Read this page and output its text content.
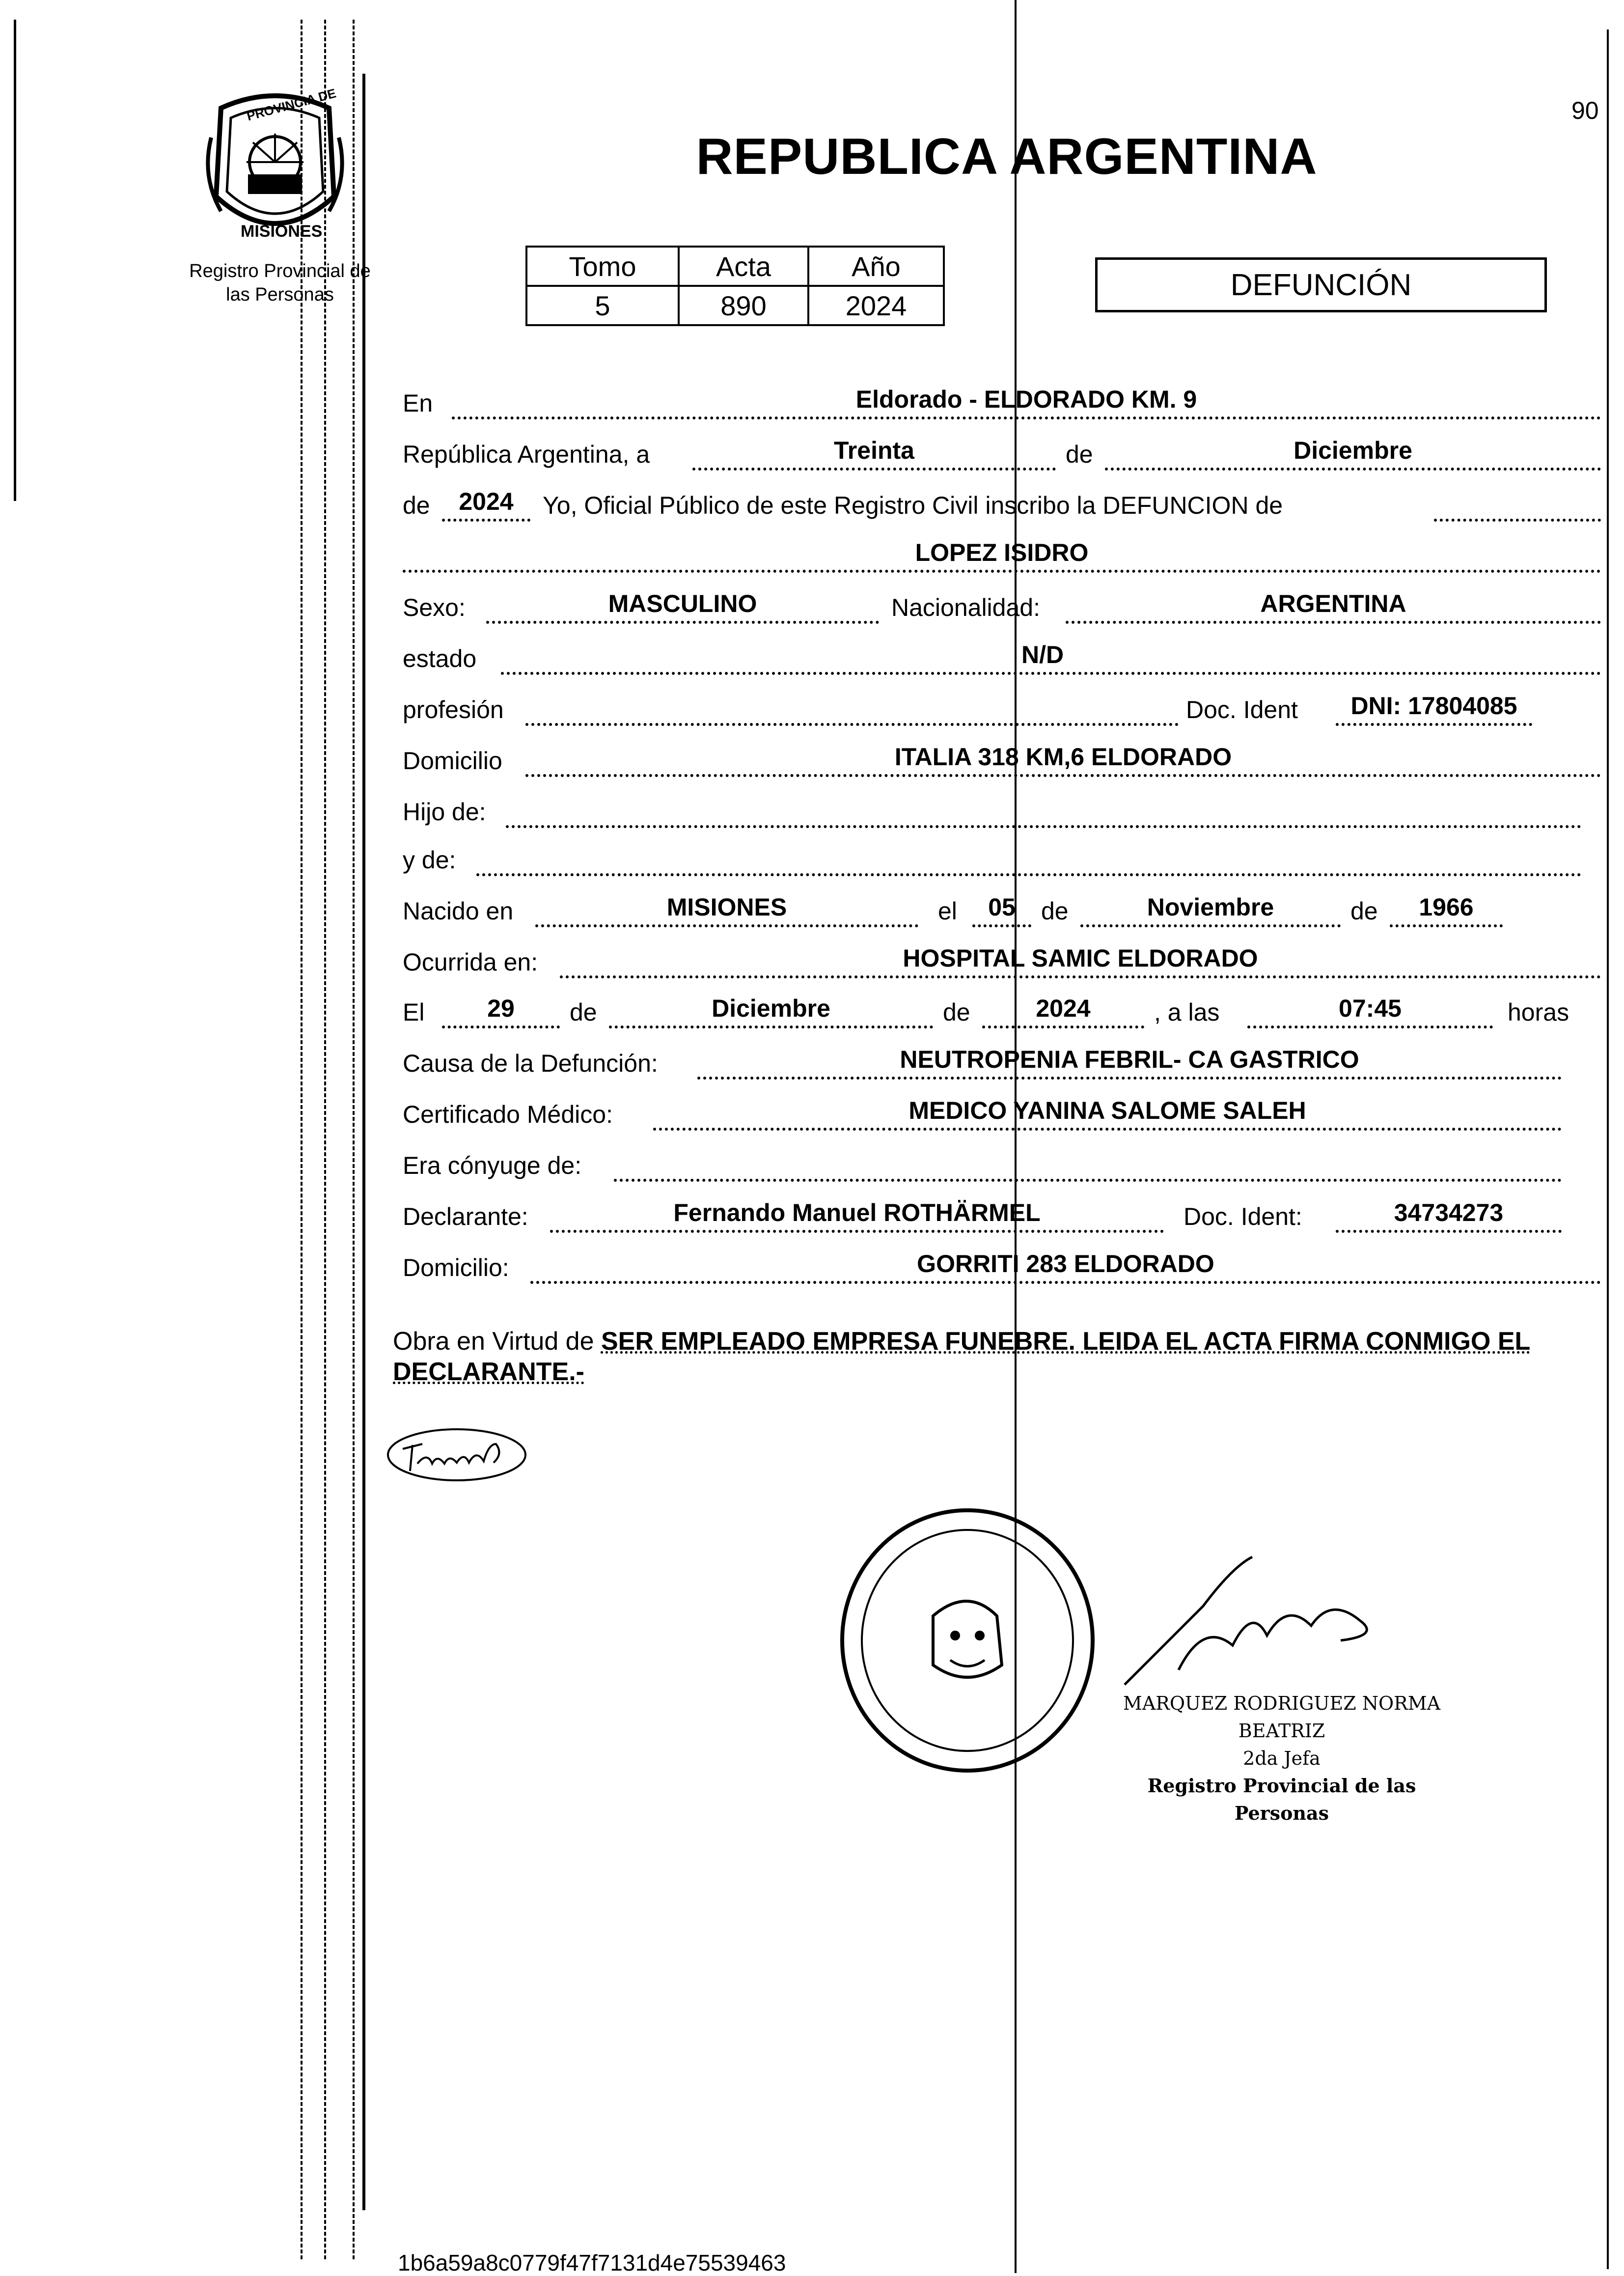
90
PROVINCIA DE
MISIONES
Registro Provincial de las Personas
REPUBLICA ARGENTINA
Tomo	Acta	Año
5	890	2024
DEFUNCIÓN
En	Eldorado - ELDORADO KM. 9
República Argentina, a	Treinta	de	Diciembre
de	2024	Yo, Oficial Público de este Registro Civil inscribo la DEFUNCION de
LOPEZ ISIDRO
Sexo:	MASCULINO	Nacionalidad:	ARGENTINA
estado	N/D
profesión	Doc. Ident	DNI: 17804085
Domicilio	ITALIA 318 KM,6 ELDORADO
Hijo de:
y de:
Nacido en	MISIONES	el	05	de	Noviembre	de	1966
Ocurrida en:	HOSPITAL SAMIC ELDORADO
El	29	de	Diciembre	de	2024	, a las	07:45	horas
Causa de la Defunción:	NEUTROPENIA FEBRIL- CA GASTRICO
Certificado Médico:	MEDICO YANINA SALOME SALEH
Era cónyuge de:
Declarante:	Fernando Manuel ROTHÄRMEL	Doc. Ident:	34734273
Domicilio:	GORRITI 283 ELDORADO
Obra en Virtud de SER EMPLEADO EMPRESA FUNEBRE. LEIDA EL ACTA FIRMA CONMIGO EL DECLARANTE.-
MARQUEZ RODRIGUEZ NORMA BEATRIZ
2da Jefa
Registro Provincial de las Personas
1b6a59a8c0779f47f7131d4e75539463
